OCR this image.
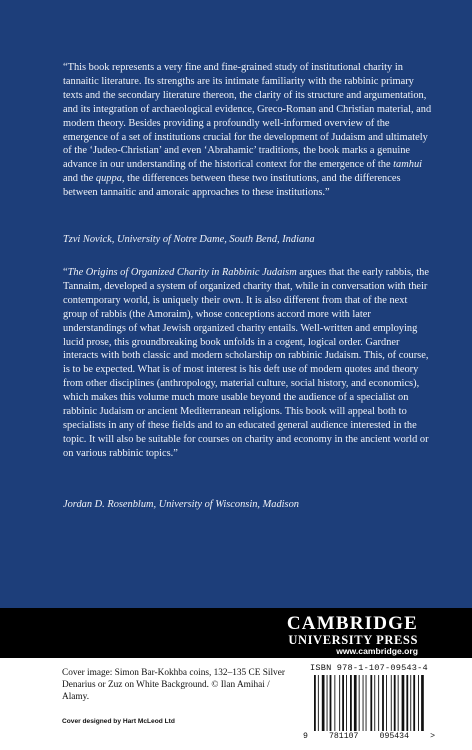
“This book represents a very fine and fine-grained study of institutional charity in tannaitic literature. Its strengths are its intimate familiarity with the rabbinic primary texts and the secondary literature thereon, the clarity of its structure and argumentation, and its integration of archaeological evidence, Greco-Roman and Christian material, and modern theory. Besides providing a profoundly well-informed overview of the emergence of a set of institutions crucial for the development of Judaism and ultimately of the ‘Judeo-Christian’ and even ‘Abrahamic’ traditions, the book marks a genuine advance in our understanding of the historical context for the emergence of the tamhui and the quppa, the differences between these two institutions, and the differences between tannaitic and amoraic approaches to these institutions.”

Tzvi Novick, University of Notre Dame, South Bend, Indiana

“The Origins of Organized Charity in Rabbinic Judaism argues that the early rabbis, the Tannaim, developed a system of organized charity that, while in conversation with their contemporary world, is uniquely their own. It is also different from that of the next group of rabbis (the Amoraim), whose conceptions accord more with later understandings of what Jewish organized charity entails. Well-written and employing lucid prose, this groundbreaking book unfolds in a cogent, logical order. Gardner interacts with both classic and modern scholarship on rabbinic Judaism. This, of course, is to be expected. What is of most interest is his deft use of modern quotes and theory from other disciplines (anthropology, material culture, social history, and economics), which makes this volume much more usable beyond the audience of a specialist on rabbinic Judaism or ancient Mediterranean religions. This book will appeal both to specialists in any of these fields and to an educated general audience interested in the topic. It will also be suitable for courses on charity and economy in the ancient world or on various rabbinic topics.”

Jordan D. Rosenblum, University of Wisconsin, Madison

CAMBRIDGE
UNIVERSITY PRESS
www.cambridge.org
Cover image: Simon Bar-Kokhba coins, 132–135 CE Silver Denarius or Zuz on White Background. © Ilan Amihai / Alamy.
Cover designed by Hart McLeod Ltd
ISBN 978-1-107-09543-4
9	781107	095434	>
